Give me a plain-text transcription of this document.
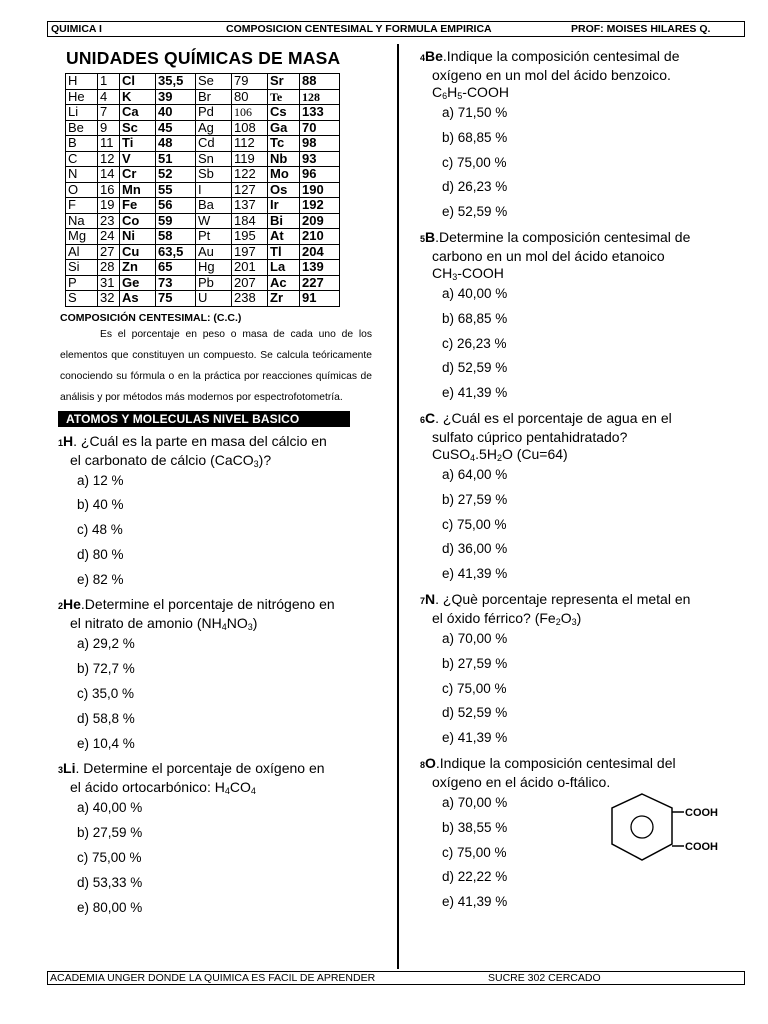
QUIMICA I	COMPOSICION CENTESIMAL Y FORMULA EMPIRICA	PROF: MOISES HILARES Q.
UNIDADES QUÍMICAS DE MASA
H	1	Cl	35,5	Se	79	Sr	88
He	4	K	39	Br	80	Te	128
Li	7	Ca	40	Pd	106	Cs	133
Be	9	Sc	45	Ag	108	Ga	70
B	11	Ti	48	Cd	112	Tc	98
C	12	V	51	Sn	119	Nb	93
N	14	Cr	52	Sb	122	Mo	96
O	16	Mn	55	I	127	Os	190
F	19	Fe	56	Ba	137	Ir	192
Na	23	Co	59	W	184	Bi	209
Mg	24	Ni	58	Pt	195	At	210
Al	27	Cu	63,5	Au	197	Tl	204
Si	28	Zn	65	Hg	201	La	139
P	31	Ge	73	Pb	207	Ac	227
S	32	As	75	U	238	Zr	91
COMPOSICIÓN CENTESIMAL: (C.C.)
Es el porcentaje en peso o masa de cada uno de los elementos que constituyen un compuesto. Se calcula teóricamente conociendo su fórmula o en la práctica por reacciones químicas de análisis y por métodos más modernos por espectrofotometría.
ATOMOS Y MOLECULAS NIVEL BASICO
1H. ¿Cuál es la parte en masa del cálcio en
el carbonato de cálcio (CaCO$_3$)?
a) 12 %
b) 40 %
c) 48 %
d) 80 %
e) 82 %
2He.Determine el porcentaje de nitrógeno en
el nitrato de amonio $(NH_4NO_3)$
a) 29,2 %
b) 72,7 %
c) 35,0 %
d) 58,8 %
e) 10,4 %
3Li. Determine el porcentaje de oxígeno en
el ácido ortocarbónico: $H_4CO_4$
a) 40,00 %
b) 27,59 %
c) 75,00 %
d) 53,33 %
e) 80,00 %
4Be.Indique la composición centesimal de
oxígeno en un mol del ácido benzoico.
$C_6H_5$-COOH
a) 71,50 %
b) 68,85 %
c) 75,00 %
d) 26,23 %
e) 52,59 %
5B.Determine la composición centesimal de
carbono en un mol del ácido etanoico
$CH_3$-COOH
a) 40,00 %
b) 68,85 %
c) 26,23 %
d) 52,59 %
e) 41,39 %
6C. ¿Cuál es el porcentaje de agua en el
sulfato cúprico pentahidratado?
$CuSO_4.5H_2O$ (Cu=64)
a) 64,00 %
b) 27,59 %
c) 75,00 %
d) 36,00 %
e) 41,39 %
7N. ¿Què porcentaje representa el metal en
el óxido férrico? $(Fe_2O_3)$
a) 70,00 %
b) 27,59 %
c) 75,00 %
d) 52,59 %
e) 41,39 %
8O.Indique la composición centesimal del
oxígeno en el ácido o-ftálico.
a) 70,00 %
b) 38,55 %
c) 75,00 %
d) 22,22 %
e) 41,39 %
COOH
COOH
ACADEMIA UNGER DONDE LA QUIMICA ES FACIL DE APRENDER	SUCRE 302 CERCADO
